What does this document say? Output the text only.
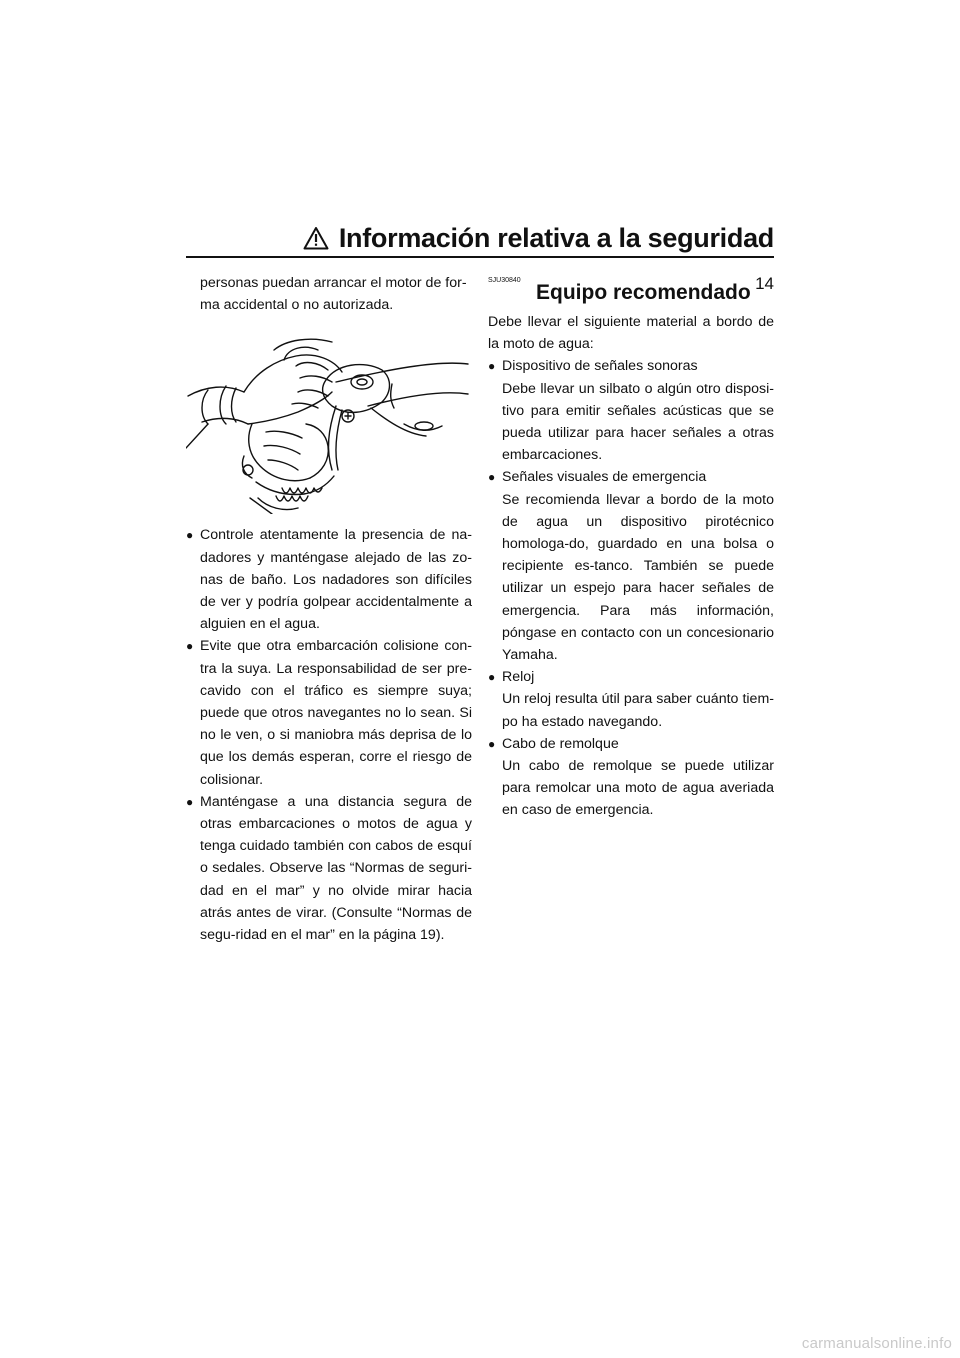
Información relativa a la seguridad
14

personas puedan arrancar el motor de for-

ma accidental o no autorizada.

● Controle atentamente la presencia de na-dadores y manténgase alejado de las zo-nas de baño. Los nadadores son difíciles de ver y podría golpear accidentalmente a alguien en el agua.
● Evite que otra embarcación colisione con-tra la suya. La responsabilidad de ser pre-cavido con el tráfico es siempre suya; puede que otros navegantes no lo sean. Si no le ven, o si maniobra más deprisa de lo que los demás esperan, corre el riesgo de colisionar.
● Manténgase a una distancia segura de otras embarcaciones o motos de agua y tenga cuidado también con cabos de esquí o sedales. Observe las “Normas de seguri-dad en el mar” y no olvide mirar hacia atrás antes de virar. (Consulte “Normas de segu-ridad en el mar” en la página 19).
SJU30840
Equipo recomendado

Debe llevar el siguiente material a bordo de la moto de agua:

● Dispositivo de señales sonoras

Debe llevar un silbato o algún otro disposi-tivo para emitir señales acústicas que se pueda utilizar para hacer señales a otras embarcaciones.

● Señales visuales de emergencia

Se recomienda llevar a bordo de la moto de agua un dispositivo pirotécnico homologa-do, guardado en una bolsa o recipiente es-tanco. También se puede utilizar un espejo para hacer señales de emergencia. Para más información, póngase en contacto con un concesionario Yamaha.

● Reloj

Un reloj resulta útil para saber cuánto tiem-po ha estado navegando.

● Cabo de remolque

Un cabo de remolque se puede utilizar para remolcar una moto de agua averiada en caso de emergencia.

carmanualsonline.info
